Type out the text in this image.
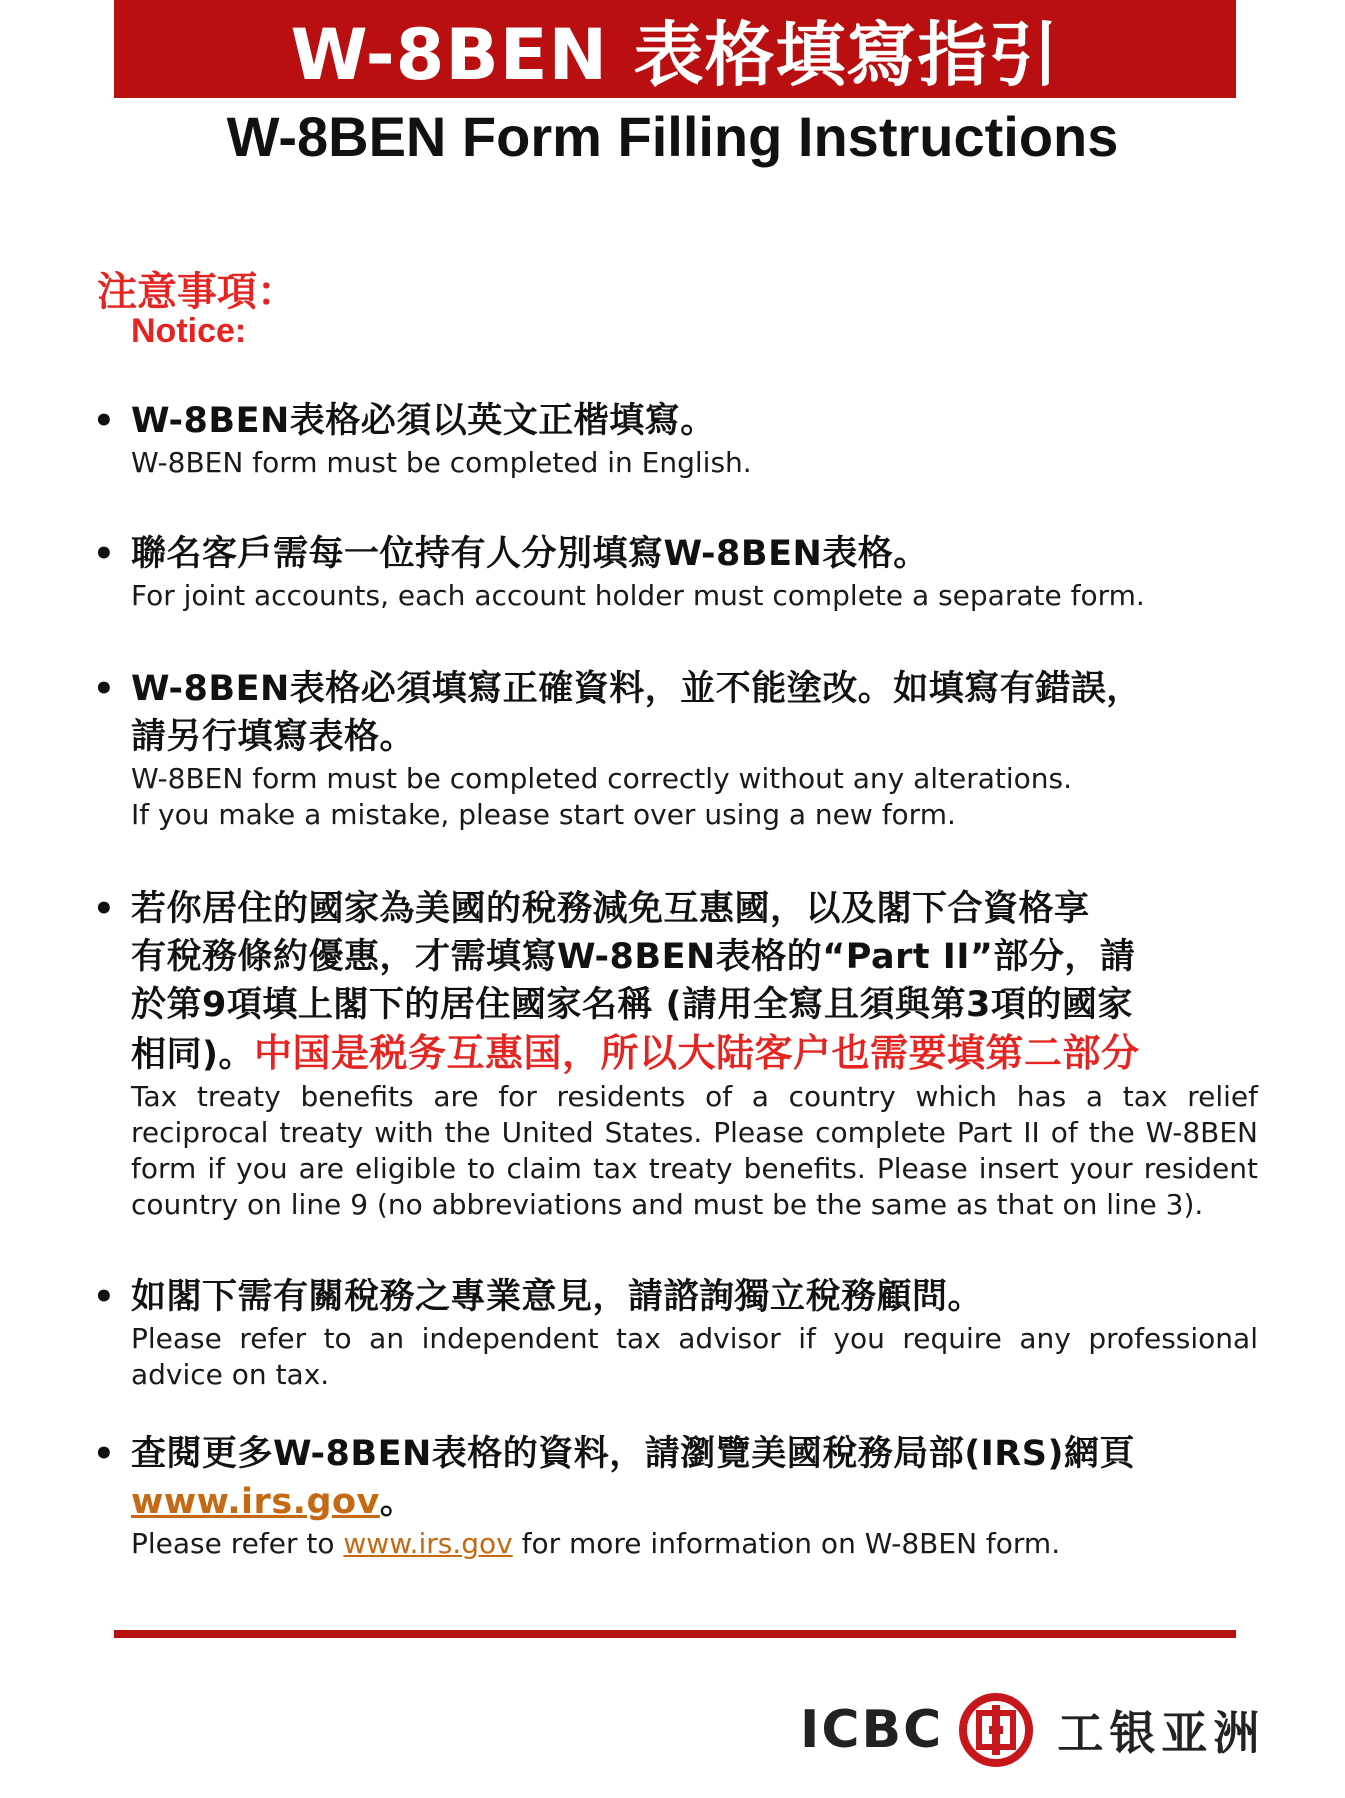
W-8BEN 表格填寫指引
W-8BEN Form Filling Instructions
注意事項：
Notice:
• W-8BEN表格必須以英文正楷填寫。
W-8BEN form must be completed in English.
• 聯名客戶需每一位持有人分別填寫W-8BEN表格。
For joint accounts, each account holder must complete a separate form.
• W-8BEN表格必須填寫正確資料，並不能塗改。如填寫有錯誤，
請另行填寫表格。
W-8BEN form must be completed correctly without any alterations.
If you make a mistake, please start over using a new form.
• 若你居住的國家為美國的稅務減免互惠國，以及閣下合資格享
有稅務條約優惠，才需填寫W-8BEN表格的“Part II”部分，請
於第9項填上閣下的居住國家名稱 (請用全寫且須與第3項的國家
相同)。中国是税务互惠国，所以大陆客户也需要填第二部分
Tax treaty benefits are for residents of a country which has a tax relief reciprocal treaty with the United States. Please complete Part II of the W-8BEN form if you are eligible to claim tax treaty benefits. Please insert your resident country on line 9 (no abbreviations and must be the same as that on line 3).
• 如閣下需有關稅務之專業意見，請諮詢獨立稅務顧問。
Please refer to an independent tax advisor if you require any professional advice on tax.
• 查閱更多W-8BEN表格的資料，請瀏覽美國稅務局部(IRS)網頁
www.irs.gov。
Please refer to www.irs.gov for more information on W-8BEN form.
ICBC 工银亚洲
